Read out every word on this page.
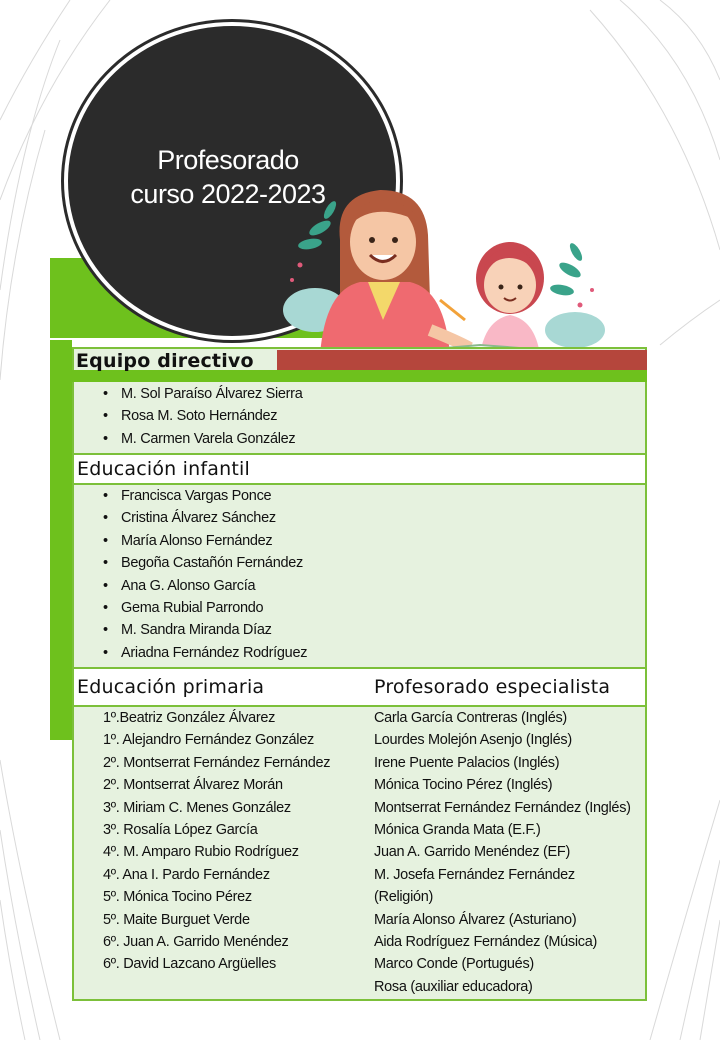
Profesorado
curso 2022-2023
• M. Sol Paraíso Álvarez Sierra
• Rosa M. Soto Hernández
• M. Carmen Varela González
Educación infantil
• Francisca Vargas Ponce
• Cristina Álvarez Sánchez
• María Alonso Fernández
• Begoña Castañón Fernández
• Ana G. Alonso García
• Gema Rubial Parrondo
• M. Sandra Miranda Díaz
• Ariadna Fernández Rodríguez
Educación primaria	Profesorado especialista
1º.Beatriz González Álvarez
1º. Alejandro Fernández González
2º. Montserrat Fernández Fernández
2º. Montserrat Álvarez Morán
3º. Miriam C. Menes González
3º. Rosalía López García
4º. M. Amparo Rubio Rodríguez
4º. Ana I. Pardo Fernández
5º. Mónica Tocino Pérez
5º. Maite Burguet Verde
6º. Juan A. Garrido Menéndez
6º. David Lazcano Argüelles
Carla García Contreras (Inglés)
Lourdes Molejón Asenjo (Inglés)
Irene Puente Palacios (Inglés)
Mónica Tocino Pérez (Inglés)
Montserrat Fernández Fernández (Inglés)
Mónica Granda Mata (E.F.)
Juan A. Garrido Menéndez (EF)
M. Josefa Fernández Fernández
(Religión)
María Alonso Álvarez (Asturiano)
Aida Rodríguez Fernández (Música)
Marco Conde (Portugués)
Rosa (auxiliar educadora)
Equipo directivo
